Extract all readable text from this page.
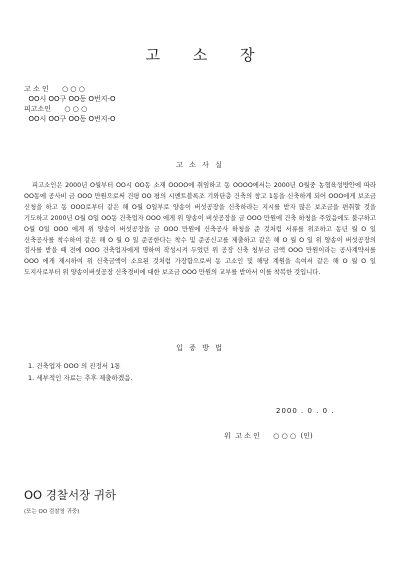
고 소 장
고 소 인      ○ ○ ○
OO시 OO구 OO동 O번지-O
피고소인      ○ ○ ○
OO시 OO구 OO동 O번지-O
고 소 사 실
피고소인은 2000년 O월부터 OO시 OO동 소재 OOOO에 취임하고 동 OOOO에서는 2000년 O월중 농협육성방안에 따라 OO동에 공사비 금 OOO 만원으로써 건평 OO 평의 시멘트블록조 기와단층 건축의 창고 1동을 신축하게 되어 OOO에게 보조금 신청을 하고 동 OOO로부터 같은 해 O월 O일부로 양송이 버섯공장을 신축하라는 지시를 받자 많은 보조금을 편취할 것을 기도하고 2000년 O월 O일 OO동 건축업자 OOO 에게 위 양송이 버섯공장을 금 OOO 만원에 건축 하청을 주었음에도 불구하고 O월 O일 OOO 에게 위 양송이 버섯공장을 금 OOO 만원에 신축공사 하청을 준 것처럼 서류를 위조하고 동년 월 O 일 신축공사를 착수하여 같은 해 O 월 O 일 준공한다는 착수 및 준공신고를 제출하고 같은 해 O 월 O 일 위 양송이 버섯공장의 검사를 받을 때 전에 OOO 건축업자에게 명하여 작성시켜 두었던 위 공장 신축 청부금 금액 OOO 만원이라는 공사계약서를 OOO 에게 제시하여 위 신축금액이 소요된 것처럼 가장함으로써 동 고소인 및 해당 계원을 속여서 같은 해 O 월 O 일 도지사로부터 위 양송이버섯공장 신축경비에 대한 보조금 OOO 만원의 교부를 받아서 이를 착복한 것입니다.
입 증 방 법
1. 건축업자 OOO 의 진정서 1통
1. 세부적인 자료는 추후 제출하겠음.
2000 . 0 . 0 .
위  고 소 인      ○ ○ ○  (인)
OO 경찰서장 귀하
(또는 OO 검찰청 귀중)
